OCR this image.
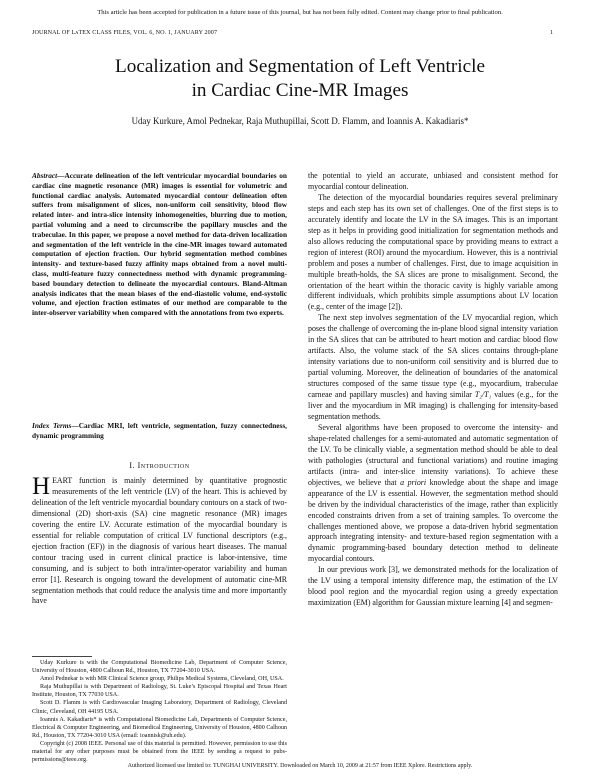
This article has been accepted for publication in a future issue of this journal, but has not been fully edited. Content may change prior to final publication.
JOURNAL OF LᴀTEX CLASS FILES, VOL. 6, NO. 1, JANUARY 2007	1
Localization and Segmentation of Left Ventricle
in Cardiac Cine-MR Images
Uday Kurkure, Amol Pednekar, Raja Muthupillai, Scott D. Flamm, and Ioannis A. Kakadiaris*
Abstract—Accurate delineation of the left ventricular myocardial boundaries on cardiac cine magnetic resonance (MR) images is essential for volumetric and functional cardiac analysis. Automated myocardial contour delineation often suffers from misalignment of slices, non-uniform coil sensitivity, blood flow related inter- and intra-slice intensity inhomogeneities, blurring due to motion, partial voluming and a need to circumscribe the papillary muscles and the trabeculae. In this paper, we propose a novel method for data-driven localization and segmentation of the left ventricle in the cine-MR images toward automated computation of ejection fraction. Our hybrid segmentation method combines intensity- and texture-based fuzzy affinity maps obtained from a novel multi-class, multi-feature fuzzy connectedness method with dynamic programming-based boundary detection to delineate the myocardial contours. Bland-Altman analysis indicates that the mean biases of the end-diastolic volume, end-systolic volume, and ejection fraction estimates of our method are comparable to the inter-observer variability when compared with the annotations from two experts.
Index Terms—Cardiac MRI, left ventricle, segmentation, fuzzy connectedness, dynamic programming
I. Introduction
HEART function is mainly determined by quantitative prognostic measurements of the left ventricle (LV) of the heart. This is achieved by delineation of the left ventricle myocardial boundary contours on a stack of two-dimensional (2D) short-axis (SA) cine magnetic resonance (MR) images covering the entire LV. Accurate estimation of the myocardial boundary is essential for reliable computation of critical LV functional descriptors (e.g., ejection fraction (EF)) in the diagnosis of various heart diseases. The manual contour tracing used in current clinical practice is labor-intensive, time consuming, and is subject to both intra/inter-operator variability and human error [1]. Research is ongoing toward the development of automatic cine-MR segmentation methods that could reduce the analysis time and more importantly have

Uday Kurkure is with the Computational Biomedicine Lab, Department of Computer Science, University of Houston, 4800 Calhoun Rd., Houston, TX 77204-3010 USA.

Amol Pednekar is with MR Clinical Science group, Philips Medical Systems, Cleveland, OH, USA.

Raja Muthupillai is with Department of Radiology, St. Luke’s Episcopal Hospital and Texas Heart Institute, Houston, TX 77030 USA.

Scott D. Flamm is with Cardiovascular Imaging Laboratory, Department of Radiology, Cleveland Clinic, Cleveland, OH 44195 USA.

Ioannis A. Kakadiaris* is with Computational Biomedicine Lab, Departments of Computer Science, Electrical & Computer Engineering, and Biomedical Engineering, University of Houston, 4800 Calhoun Rd., Houston, TX 77204-3010 USA (email: ioannisk@uh.edu).

Copyright (c) 2008 IEEE. Personal use of this material is permitted. However, permission to use this material for any other purposes must be obtained from the IEEE by sending a request to pubs-permissions@ieee.org.

the potential to yield an accurate, unbiased and consistent method for myocardial contour delineation.

The detection of the myocardial boundaries requires several preliminary steps and each step has its own set of challenges. One of the first steps is to accurately identify and locate the LV in the SA images. This is an important step as it helps in providing good initialization for segmentation methods and also allows reducing the computational space by providing means to extract a region of interest (ROI) around the myocardium. However, this is a nontrivial problem and poses a number of challenges. First, due to image acquisition in multiple breath-holds, the SA slices are prone to misalignment. Second, the orientation of the heart within the thoracic cavity is highly variable among different individuals, which prohibits simple assumptions about LV location (e.g., center of the image [2]).

The next step involves segmentation of the LV myocardial region, which poses the challenge of overcoming the in-plane blood signal intensity variation in the SA slices that can be attributed to heart motion and cardiac blood flow artifacts. Also, the volume stack of the SA slices contains through-plane intensity variations due to non-uniform coil sensitivity and is blurred due to partial voluming. Moreover, the delineation of boundaries of the anatomical structures composed of the same tissue type (e.g., myocardium, trabeculae carneae and papillary muscles) and having similar T₂/T₁ values (e.g., for the liver and the myocardium in MR imaging) is challenging for intensity-based segmentation methods.

Several algorithms have been proposed to overcome the intensity- and shape-related challenges for a semi-automated and automatic segmentation of the LV. To be clinically viable, a segmentation method should be able to deal with pathologies (structural and functional variations) and routine imaging artifacts (intra- and inter-slice intensity variations). To achieve these objectives, we believe that a priori knowledge about the shape and image appearance of the LV is essential. However, the segmentation method should be driven by the individual characteristics of the image, rather than explicitly encoded constraints driven from a set of training samples. To overcome the challenges mentioned above, we propose a data-driven hybrid segmentation approach integrating intensity- and texture-based region segmentation with a dynamic programming-based boundary detection method to delineate myocardial contours.

In our previous work [3], we demonstrated methods for the localization of the LV using a temporal intensity difference map, the estimation of the LV blood pool region and the myocardial region using a greedy expectation maximization (EM) algorithm for Gaussian mixture learning [4] and segmen-

Authorized licensed use limited to: TUNGHAI UNIVERSITY. Downloaded on March 10, 2009 at 21:57 from IEEE Xplore. Restrictions apply.
